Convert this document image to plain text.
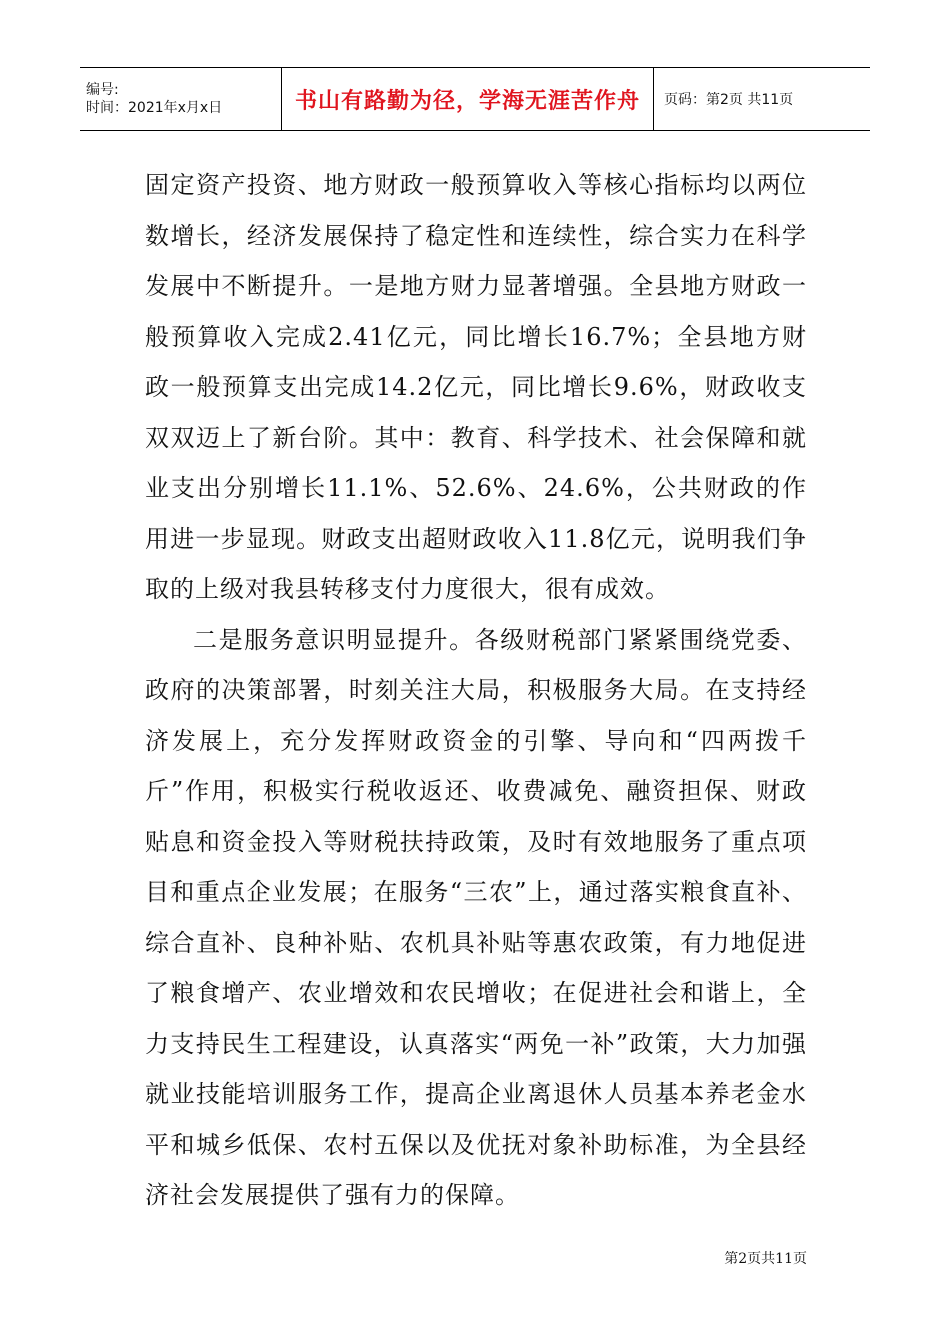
编号:
时间：2021年x月x日	书山有路勤为径，学海无涯苦作舟 页码：第2页 共11页

固定资产投资、地方财政一般预算收入等核心指标均以两位数增长，经济发展保持了稳定性和连续性，综合实力在科学发展中不断提升。一是地方财力显著增强。全县地方财政一般预算收入完成2.41亿元，同比增长16.7%；全县地方财政一般预算支出完成14.2亿元，同比增长9.6%，财政收支双双迈上了新台阶。其中：教育、科学技术、社会保障和就业支出分别增长11.1%、52.6%、24.6%，公共财政的作用进一步显现。财政支出超财政收入11.8亿元，说明我们争取的上级对我县转移支付力度很大，很有成效。

二是服务意识明显提升。各级财税部门紧紧围绕党委、政府的决策部署，时刻关注大局，积极服务大局。在支持经济发展上，充分发挥财政资金的引擎、导向和“四两拨千斤”作用，积极实行税收返还、收费减免、融资担保、财政贴息和资金投入等财税扶持政策，及时有效地服务了重点项目和重点企业发展；在服务“三农”上，通过落实粮食直补、综合直补、良种补贴、农机具补贴等惠农政策，有力地促进了粮食增产、农业增效和农民增收；在促进社会和谐上，全力支持民生工程建设，认真落实“两免一补”政策，大力加强就业技能培训服务工作，提高企业离退休人员基本养老金水平和城乡低保、农村五保以及优抚对象补助标准，为全县经济社会发展提供了强有力的保障。

第2页共11页
